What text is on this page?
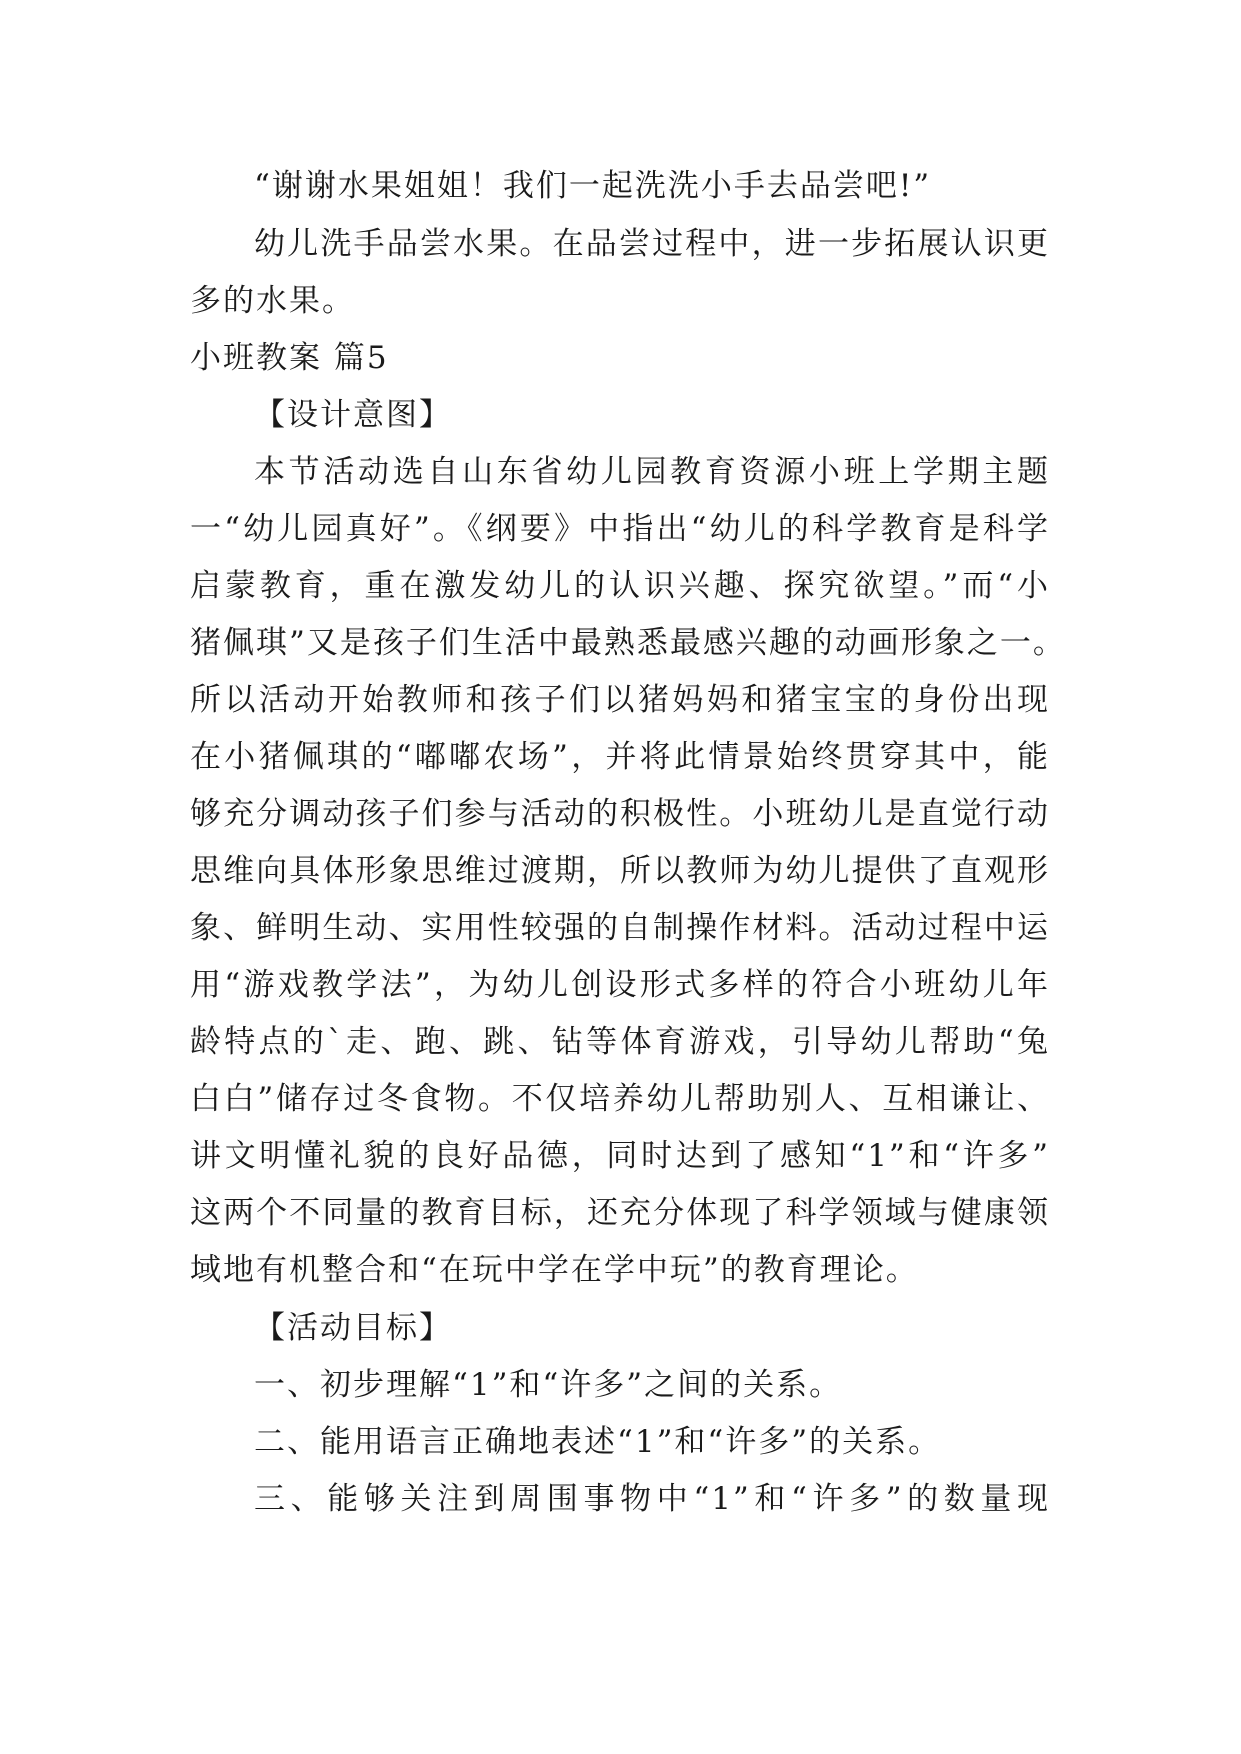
“谢谢水果姐姐！我们一起洗洗小手去品尝吧!”
幼儿洗手品尝水果。在品尝过程中，进一步拓展认识更
多的水果。
小班教案 篇5
【设计意图】
本节活动选自山东省幼儿园教育资源小班上学期主题
一“幼儿园真好”。《纲要》中指出“幼儿的科学教育是科学
启蒙教育，重在激发幼儿的认识兴趣、探究欲望。”而“小
猪佩琪”又是孩子们生活中最熟悉最感兴趣的动画形象之一。
所以活动开始教师和孩子们以猪妈妈和猪宝宝的身份出现
在小猪佩琪的“嘟嘟农场”，并将此情景始终贯穿其中，能
够充分调动孩子们参与活动的积极性。小班幼儿是直觉行动
思维向具体形象思维过渡期，所以教师为幼儿提供了直观形
象、鲜明生动、实用性较强的自制操作材料。活动过程中运
用“游戏教学法”，为幼儿创设形式多样的符合小班幼儿年
龄特点的`走、跑、跳、钻等体育游戏，引导幼儿帮助“兔
白白”储存过冬食物。不仅培养幼儿帮助别人、互相谦让、
讲文明懂礼貌的良好品德，同时达到了感知“1”和“许多”
这两个不同量的教育目标，还充分体现了科学领域与健康领
域地有机整合和“在玩中学在学中玩”的教育理论。
【活动目标】
一、初步理解“1”和“许多”之间的关系。
二、能用语言正确地表述“1”和“许多”的关系。
三、能够关注到周围事物中“1”和“许多”的数量现
